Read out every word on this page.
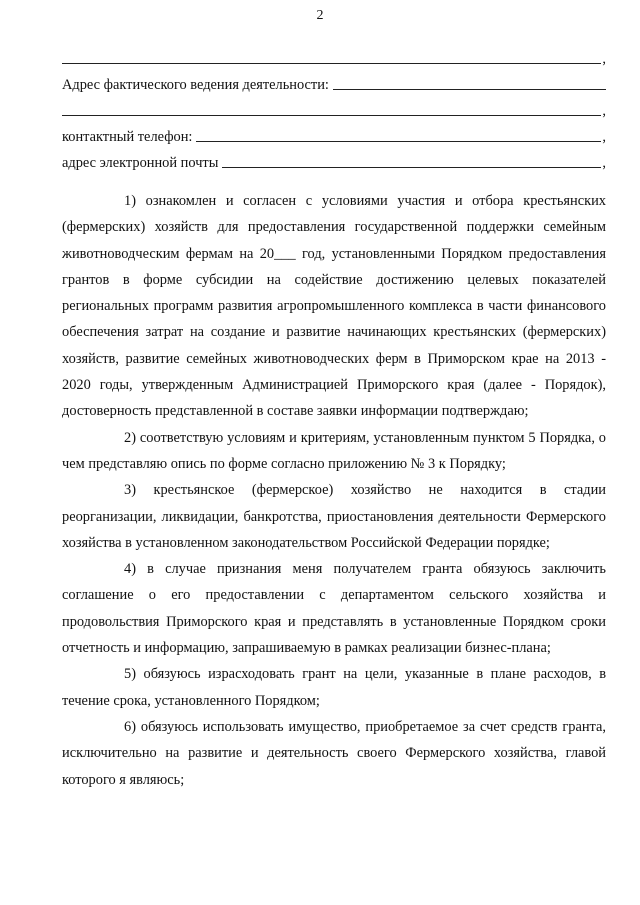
2
,
Адрес фактического ведения деятельности:
,
контактный телефон:	,
адрес электронной почты	,

1) ознакомлен и согласен с условиями участия и отбора крестьянских (фермерских) хозяйств для предоставления государственной поддержки семейным животноводческим фермам на 20___ год, установленными Порядком предоставления грантов в форме субсидии на содействие достижению целевых показателей региональных программ развития агропромышленного комплекса в части финансового обеспечения затрат на создание и развитие начинающих крестьянских (фермерских) хозяйств, развитие семейных животноводческих ферм в Приморском крае на 2013 - 2020 годы, утвержденным Администрацией Приморского края (далее - Порядок), достоверность представленной в составе заявки информации подтверждаю;

2) соответствую условиям и критериям, установленным пунктом 5 Порядка, о чем представляю опись по форме согласно приложению № 3 к Порядку;

3) крестьянское (фермерское) хозяйство не находится в стадии реорганизации, ликвидации, банкротства, приостановления деятельности Фермерского хозяйства в установленном законодательством Российской Федерации порядке;

4) в случае признания меня получателем гранта обязуюсь заключить соглашение о его предоставлении с департаментом сельского хозяйства и продовольствия Приморского края и представлять в установленные Порядком сроки отчетность и информацию, запрашиваемую в рамках реализации бизнес-плана;

5) обязуюсь израсходовать грант на цели, указанные в плане расходов, в течение срока, установленного Порядком;

6) обязуюсь использовать имущество, приобретаемое за счет средств гранта, исключительно на развитие и деятельность своего Фермерского хозяйства, главой которого я являюсь;
